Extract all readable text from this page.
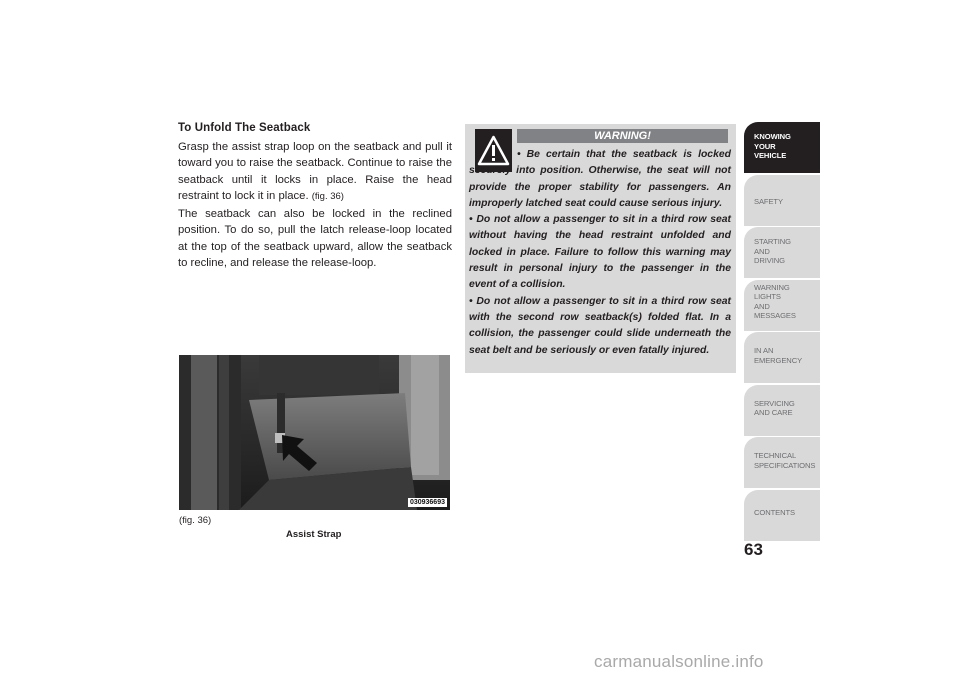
To Unfold The Seatback
Grasp the assist strap loop on the seatback and pull it toward you to raise the seatback. Continue to raise the seatback until it locks in place. Raise the head restraint to lock it in place. (fig. 36)
The seatback can also be locked in the reclined position. To do so, pull the latch release-loop located at the top of the seatback upward, allow the seatback to recline, and release the release-loop.
030936693
(fig. 36)
Assist Strap
WARNING!

• Be certain that the seatback is locked securely into position. Otherwise, the seat will not provide the proper stability for passengers. An improperly latched seat could cause serious injury.

• Do not allow a passenger to sit in a third row seat without having the head restraint unfolded and locked in place. Failure to follow this warning may result in personal injury to the passenger in the event of a collision.

• Do not allow a passenger to sit in a third row seat with the second row seatback(s) folded flat. In a collision, the passenger could slide underneath the seat belt and be seriously or even fatally injured.

KNOWING
YOUR
VEHICLE
SAFETY
STARTING
AND
DRIVING
WARNING
LIGHTS
AND
MESSAGES
IN AN
EMERGENCY
SERVICING
AND CARE
TECHNICAL
SPECIFICATIONS
CONTENTS
63
carmanualsonline.info
